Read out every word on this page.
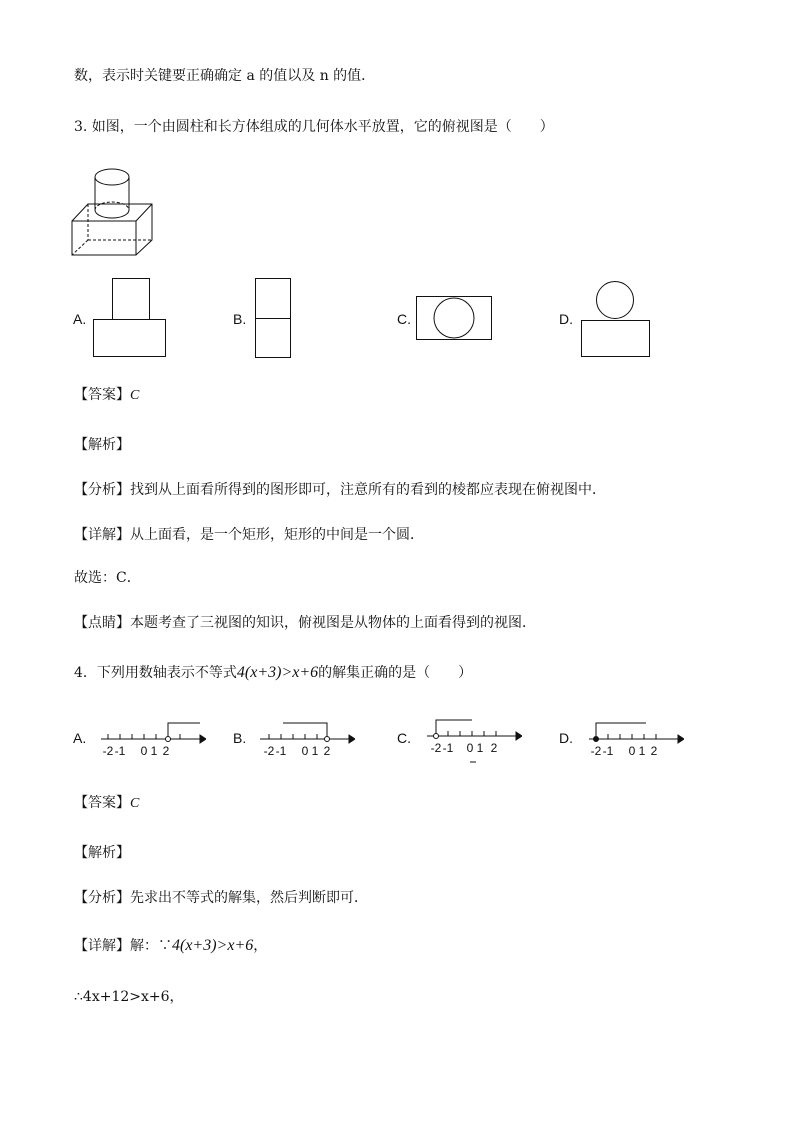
数，表示时关键要正确确定 a 的值以及 n 的值．
3. 如图，一个由圆柱和长方体组成的几何体水平放置，它的俯视图是（　　）
A.	B.	C.	D.
【答案】C
【解析】
【分析】找到从上面看所得到的图形即可，注意所有的看到的棱都应表现在俯视图中．
【详解】从上面看，是一个矩形，矩形的中间是一个圆．
故选：C．
【点睛】本题考查了三视图的知识，俯视图是从物体的上面看得到的视图．
4．下列用数轴表示不等式4(x+3)>x+6的解集正确的是（　　）
A.
-2 -1 0 1 2
B.
-2 -1 0 1 2
C.
-2 -1 0 1 2
D.
-2 -1 0 1 2
【答案】C
【解析】
【分析】先求出不等式的解集，然后判断即可．
【详解】解：∵4(x+3)>x+6，
∴4x+12>x+6，
